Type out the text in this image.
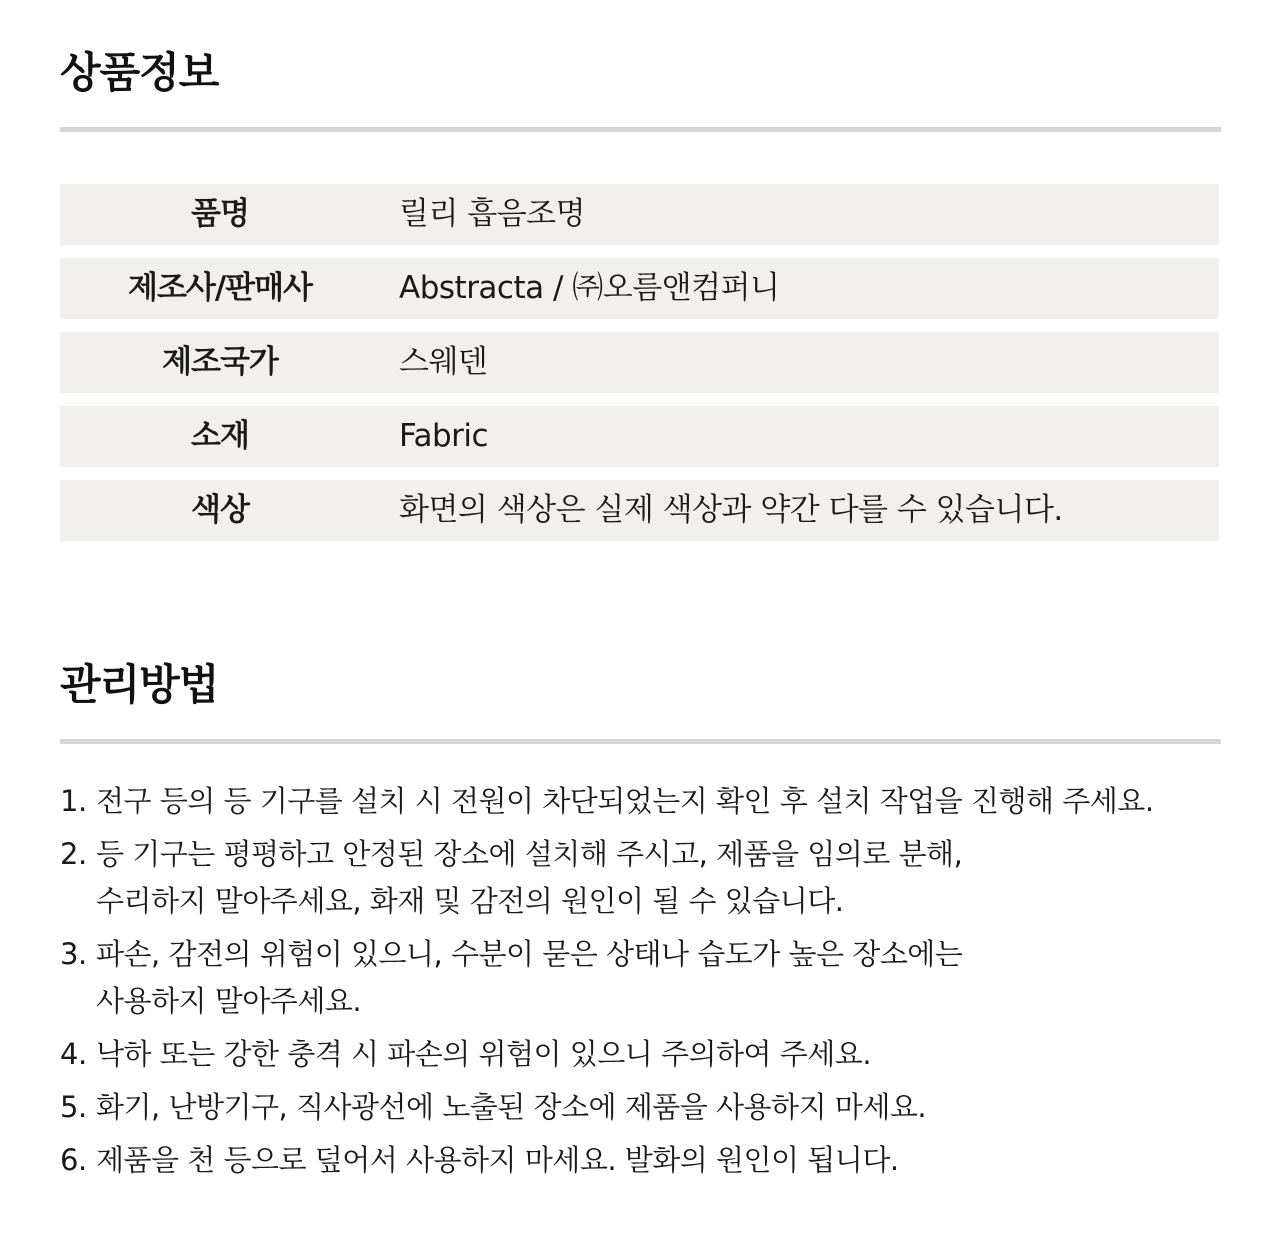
상품정보
품명	릴리 흡음조명
제조사/판매사	Abstracta / ㈜오름앤컴퍼니
제조국가	스웨덴
소재	Fabric
색상	화면의 색상은 실제 색상과 약간 다를 수 있습니다.
관리방법
1. 전구 등의 등 기구를 설치 시 전원이 차단되었는지 확인 후 설치 작업을 진행해 주세요.
2. 등 기구는 평평하고 안정된 장소에 설치해 주시고, 제품을 임의로 분해,
수리하지 말아주세요, 화재 및 감전의 원인이 될 수 있습니다.
3. 파손, 감전의 위험이 있으니, 수분이 묻은 상태나 습도가 높은 장소에는
사용하지 말아주세요.
4. 낙하 또는 강한 충격 시 파손의 위험이 있으니 주의하여 주세요.
5. 화기, 난방기구, 직사광선에 노출된 장소에 제품을 사용하지 마세요.
6. 제품을 천 등으로 덮어서 사용하지 마세요. 발화의 원인이 됩니다.
